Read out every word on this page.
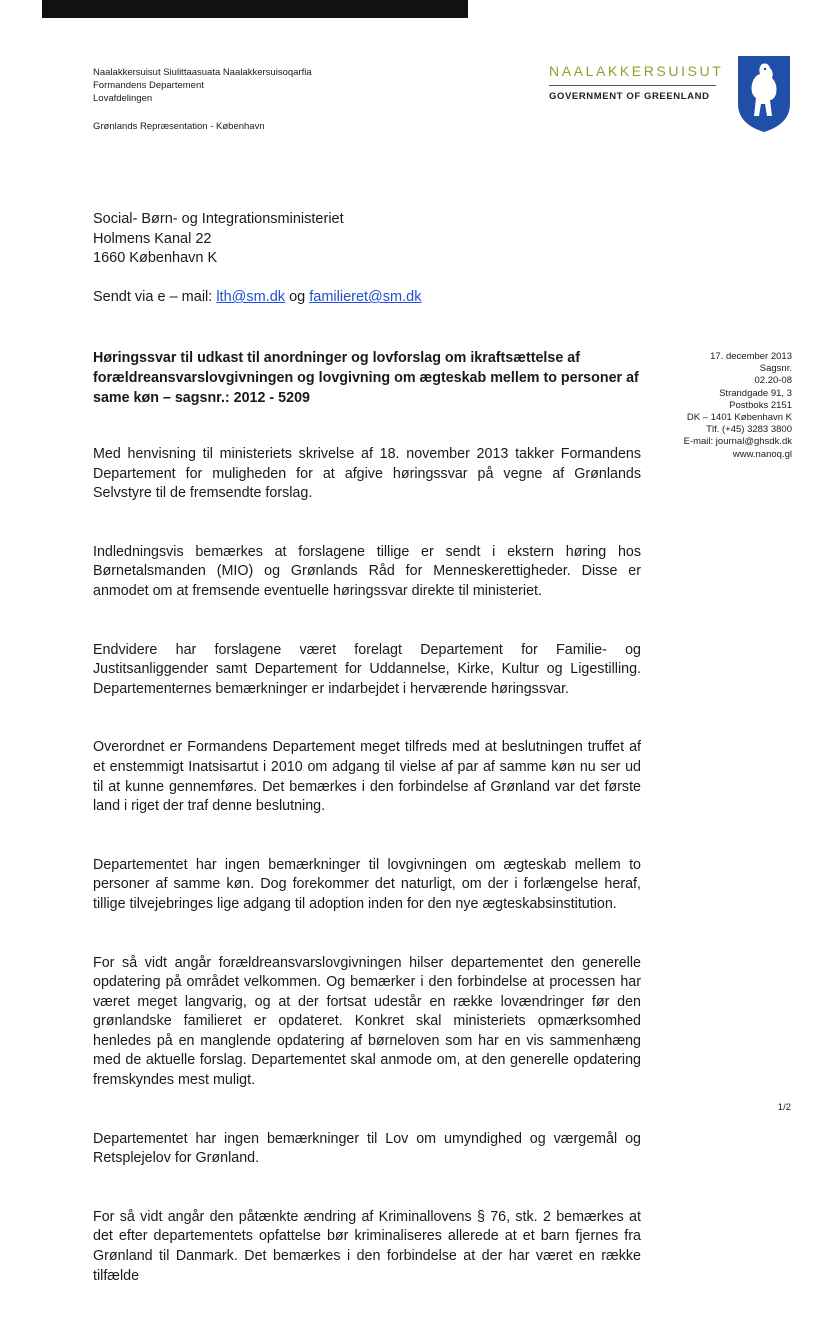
Naalakkersuisut Siulittaasuata Naalakkersuisoqarfia
Formandens Departement
Lovafdelingen
Grønlands Repræsentation - København
NAALAKKERSUISUT
GOVERNMENT OF GREENLAND
Social- Børn- og Integrationsministeriet
Holmens Kanal 22
1660 København K
Sendt via e – mail: lth@sm.dk og familieret@sm.dk
Høringssvar til udkast til anordninger og lovforslag om ikraftsættelse af forældreansvarslovgivningen og lovgivning om ægteskab mellem to personer af same køn – sagsnr.: 2012 - 5209
17. december 2013
Sagsnr.
02.20-08
Strandgade 91, 3
Postboks 2151
DK – 1401 København K
Tlf. (+45) 3283 3800
E-mail: journal@ghsdk.dk
www.nanoq.gl

Med henvisning til ministeriets skrivelse af 18. november 2013 takker Formandens Departement for muligheden for at afgive høringssvar på vegne af Grønlands Selvstyre til de fremsendte forslag.

Indledningsvis bemærkes at forslagene tillige er sendt i ekstern høring hos Børnetalsmanden (MIO) og Grønlands Råd for Menneskerettigheder. Disse er anmodet om at fremsende eventuelle høringssvar direkte til ministeriet.

Endvidere har forslagene været forelagt Departement for Familie- og Justitsanliggender samt Departement for Uddannelse, Kirke, Kultur og Ligestilling. Departementernes bemærkninger er indarbejdet i herværende høringssvar.

Overordnet er Formandens Departement meget tilfreds med at beslutningen truffet af et enstemmigt Inatsisartut i 2010 om adgang til vielse af par af samme køn nu ser ud til at kunne gennemføres. Det bemærkes i den forbindelse af Grønland var det første land i riget der traf denne beslutning.

Departementet har ingen bemærkninger til lovgivningen om ægteskab mellem to personer af samme køn. Dog forekommer det naturligt, om der i forlængelse heraf, tillige tilvejebringes lige adgang til adoption inden for den nye ægteskabsinstitution.

For så vidt angår forældreansvarslovgivningen hilser departementet den generelle opdatering på området velkommen. Og bemærker i den forbindelse at processen har været meget langvarig, og at der fortsat udestår en række lovændringer før den grønlandske familieret er opdateret. Konkret skal ministeriets opmærksomhed henledes på en manglende opdatering af børneloven som har en vis sammenhæng med de aktuelle forslag. Departementet skal anmode om, at den generelle opdatering fremskyndes mest muligt.

Departementet har ingen bemærkninger til Lov om umyndighed og værgemål og Retsplejelov for Grønland.

For så vidt angår den påtænkte ændring af Kriminallovens § 76, stk. 2 bemærkes at det efter departementets opfattelse bør kriminaliseres allerede at et barn fjernes fra Grønland til Danmark. Det bemærkes i den forbindelse at der har været en række tilfælde

1/2
